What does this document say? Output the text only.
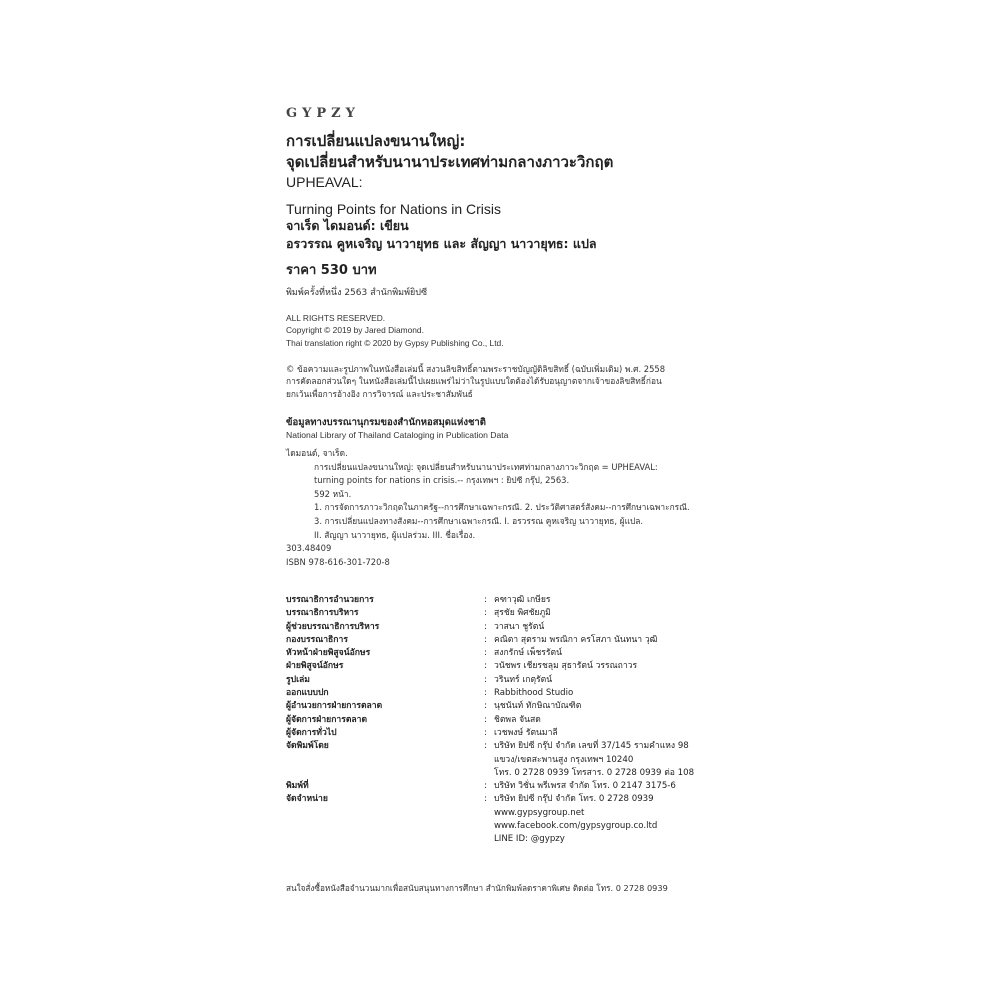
GYPZY
การเปลี่ยนแปลงขนานใหญ่:
จุดเปลี่ยนสำหรับนานาประเทศท่ามกลางภาวะวิกฤต
UPHEAVAL:
Turning Points for Nations in Crisis
จาเร็ด ไดมอนด์: เขียน
อรวรรณ คูหเจริญ นาวายุทธ และ สัญญา นาวายุทธ: แปล
ราคา 530 บาท
พิมพ์ครั้งที่หนึ่ง 2563 สำนักพิมพ์ยิปซี
ALL RIGHTS RESERVED.
Copyright © 2019 by Jared Diamond.
Thai translation right © 2020 by Gypsy Publishing Co., Ltd.
© ข้อความและรูปภาพในหนังสือเล่มนี้ สงวนลิขสิทธิ์ตามพระราชบัญญัติลิขสิทธิ์ (ฉบับเพิ่มเติม) พ.ศ. 2558
การคัดลอกส่วนใดๆ ในหนังสือเล่มนี้ไปเผยแพร่ไม่ว่าในรูปแบบใดต้องได้รับอนุญาตจากเจ้าของลิขสิทธิ์ก่อน
ยกเว้นเพื่อการอ้างอิง การวิจารณ์ และประชาสัมพันธ์
ข้อมูลทางบรรณานุกรมของสำนักหอสมุดแห่งชาติ
National Library of Thailand Cataloging in Publication Data
ไดมอนด์, จาเร็ด.
การเปลี่ยนแปลงขนานใหญ่: จุดเปลี่ยนสำหรับนานาประเทศท่ามกลางภาวะวิกฤต = UPHEAVAL:
turning points for nations in crisis.-- กรุงเทพฯ : ยิปซี กรุ๊ป, 2563.
592 หน้า.
1. การจัดการภาวะวิกฤตในภาครัฐ--การศึกษาเฉพาะกรณี. 2. ประวัติศาสตร์สังคม--การศึกษาเฉพาะกรณี.
3. การเปลี่ยนแปลงทางสังคม--การศึกษาเฉพาะกรณี. I. อรวรรณ คูหเจริญ นาวายุทธ, ผู้แปล.
II. สัญญา นาวายุทธ, ผู้แปลร่วม. III. ชื่อเรื่อง.
303.48409
ISBN 978-616-301-720-8
บรรณาธิการอำนวยการ	: คฑาวุฒิ เกษียร
บรรณาธิการบริหาร	: สุรชัย พิศชัยภูมิ
ผู้ช่วยบรรณาธิการบริหาร	: วาสนา ชูรัตน์
กองบรรณาธิการ	: คณิตา สุตราม พรณิกา ครโสภา นันทนา วุฒิ
หัวหน้าฝ่ายพิสูจน์อักษร	: สงกรักษ์ เพ็ชรรัตน์
ฝ่ายพิสูจน์อักษร	: วนัชพร เชียรชลุม สุธารัตน์ วรรณถาวร
รูปเล่ม	: วรินทร์ เกตุรัตน์
ออกแบบปก	: Rabbithood Studio
ผู้อำนวยการฝ่ายการตลาด	: นุชนันท์ ทักษิณาบัณฑิต
ผู้จัดการฝ่ายการตลาด	: ชิตพล จันสด
ผู้จัดการทั่วไป	: เวชพงษ์ รัตนมาลี
จัดพิมพ์โดย	: บริษัท ยิปซี กรุ๊ป จำกัด เลขที่ 37/145 รามคำแหง 98
แขวง/เขตสะพานสูง กรุงเทพฯ 10240
โทร. 0 2728 0939 โทรสาร. 0 2728 0939 ต่อ 108
พิมพ์ที่	: บริษัท วิชั่น พรีเพรส จำกัด โทร. 0 2147 3175-6
จัดจำหน่าย	: บริษัท ยิปซี กรุ๊ป จำกัด โทร. 0 2728 0939
www.gypsygroup.net
www.facebook.com/gypsygroup.co.ltd
LINE ID: @gypzy
สนใจสั่งซื้อหนังสือจำนวนมากเพื่อสนับสนุนทางการศึกษา สำนักพิมพ์ลดราคาพิเศษ ติดต่อ โทร. 0 2728 0939
